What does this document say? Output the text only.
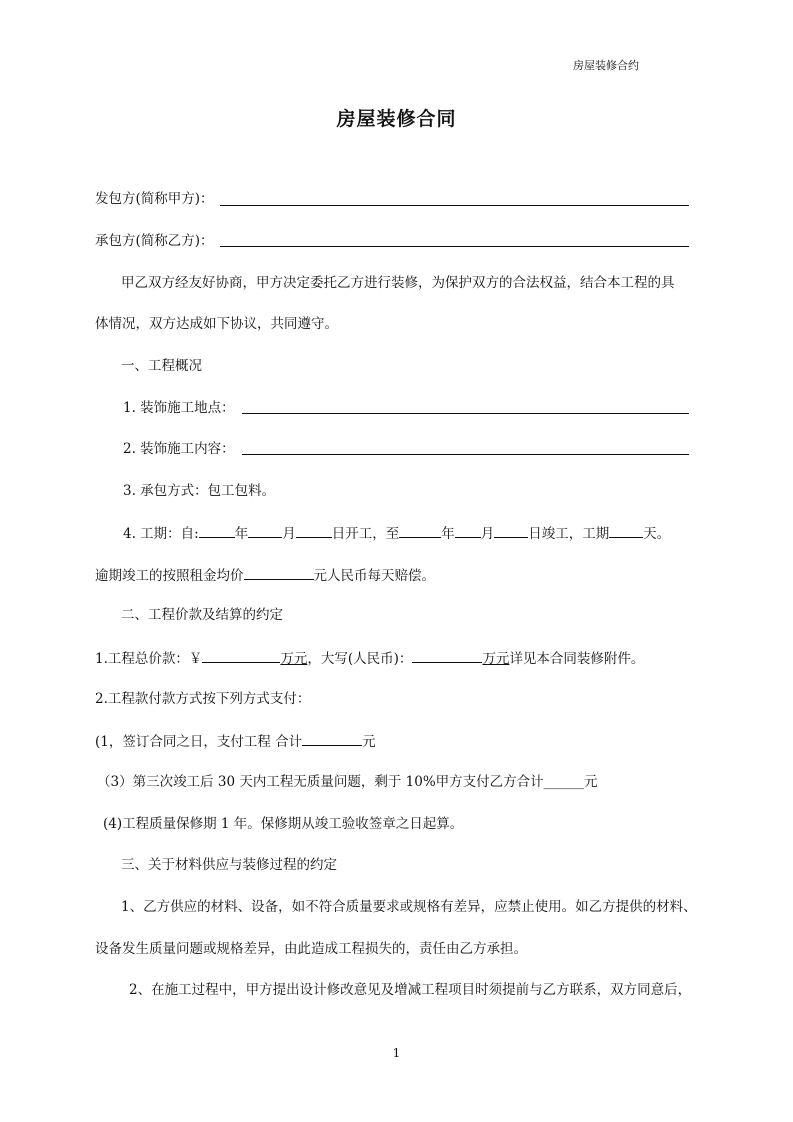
房屋装修合约
房屋装修合同
发包方(简称甲方)：
承包方(简称乙方)：
甲乙双方经友好协商，甲方决定委托乙方进行装修，为保护双方的合法权益，结合本工程的具
体情况，双方达成如下协议，共同遵守。
一、工程概况
1. 装饰施工地点：
2. 装饰施工内容：
3. 承包方式：包工包料。
4. 工期：自:	年	月	日开工，至	年 月	日竣工，工期	天。
逾期竣工的按照租金均价	元人民币每天赔偿。
二、工程价款及结算的约定
1.工程总价款：￥	万元，大写(人民币)：	万元详见本合同装修附件。
2.工程款付款方式按下列方式支付：
(1，签订合同之日，支付工程 合计	元
（3）第三次竣工后 30 天内工程无质量问题，剩于 10%甲方支付乙方合计______元
(4)工程质量保修期 1 年。保修期从竣工验收签章之日起算。
三、关于材料供应与装修过程的约定
1、乙方供应的材料、设备，如不符合质量要求或规格有差异，应禁止使用。如乙方提供的材料、
设备发生质量问题或规格差异，由此造成工程损失的，责任由乙方承担。
2、在施工过程中，甲方提出设计修改意见及增减工程项目时须提前与乙方联系，双方同意后，
1
